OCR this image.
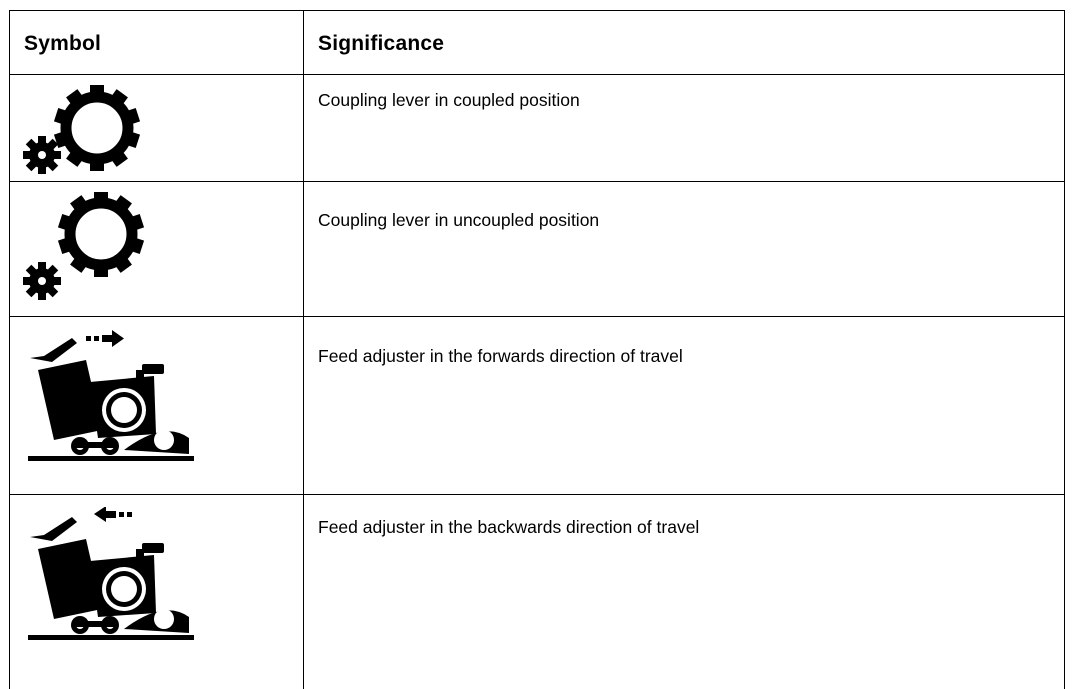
Symbol	Significance
Coupling lever in coupled position
Coupling lever in uncoupled position
Feed adjuster in the forwards direction of travel
Feed adjuster in the backwards direction of travel
